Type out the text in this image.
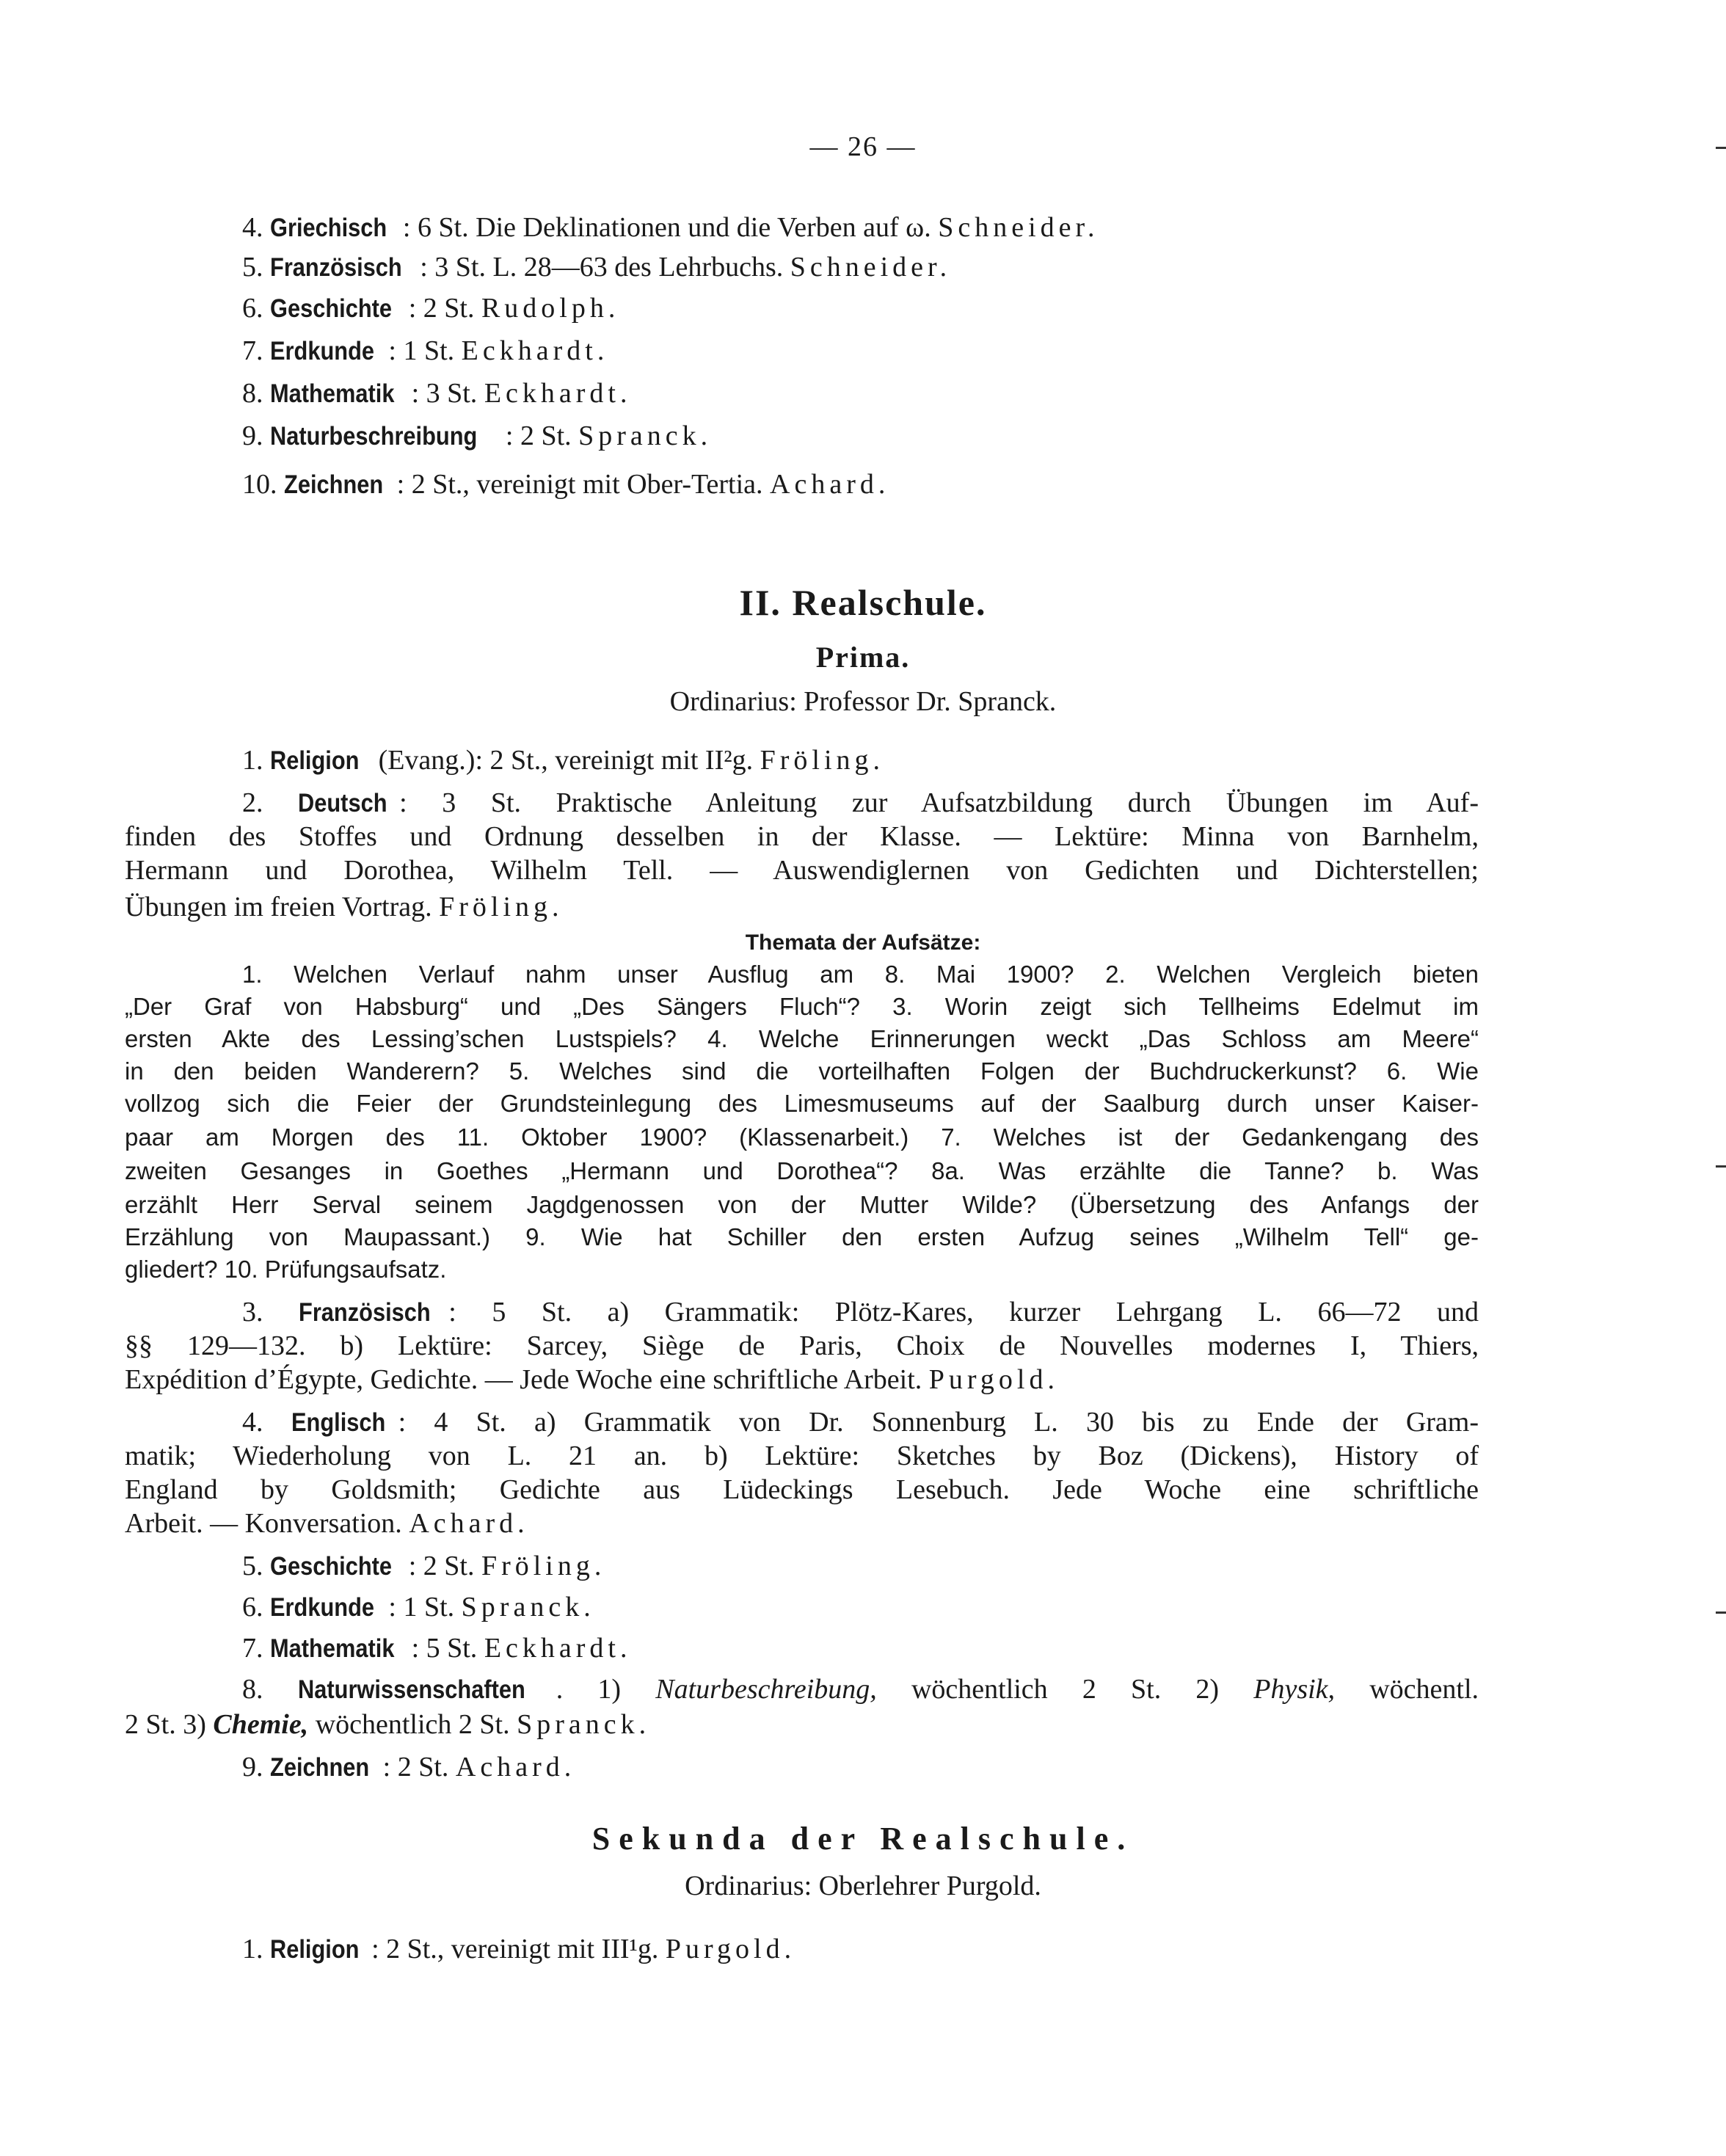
— 26 —
4. Griechisch : 6 St. Die Deklinationen und die Verben auf ω. Schneider.
5. Französisch : 3 St. L. 28—63 des Lehrbuchs. Schneider.
6. Geschichte : 2 St. Rudolph.
7. Erdkunde : 1 St. Eckhardt.
8. Mathematik : 3 St. Eckhardt.
9. Naturbeschreibung : 2 St. Spranck.
10. Zeichnen : 2 St., vereinigt mit Ober-Tertia. Achard.
II. Realschule.
Prima.
Ordinarius: Professor Dr. Spranck.
1. Religion (Evang.): 2 St., vereinigt mit II²g. Fröling.
2. Deutsch : 3 St. Praktische Anleitung zur Aufsatzbildung durch Übungen im Auf-
finden des Stoffes und Ordnung desselben in der Klasse. — Lektüre: Minna von Barnhelm,
Hermann und Dorothea, Wilhelm Tell. — Auswendiglernen von Gedichten und Dichterstellen;
Übungen im freien Vortrag. Fröling.
Themata der Aufsätze:
1. Welchen Verlauf nahm unser Ausflug am 8. Mai 1900? 2. Welchen Vergleich bieten
„Der Graf von Habsburg“ und „Des Sängers Fluch“? 3. Worin zeigt sich Tellheims Edelmut im
ersten Akte des Lessing’schen Lustspiels? 4. Welche Erinnerungen weckt „Das Schloss am Meere“
in den beiden Wanderern? 5. Welches sind die vorteilhaften Folgen der Buchdruckerkunst? 6. Wie
vollzog sich die Feier der Grundsteinlegung des Limesmuseums auf der Saalburg durch unser Kaiser-
paar am Morgen des 11. Oktober 1900? (Klassenarbeit.) 7. Welches ist der Gedankengang des
zweiten Gesanges in Goethes „Hermann und Dorothea“? 8a. Was erzählte die Tanne? b. Was
erzählt Herr Serval seinem Jagdgenossen von der Mutter Wilde? (Übersetzung des Anfangs der
Erzählung von Maupassant.) 9. Wie hat Schiller den ersten Aufzug seines „Wilhelm Tell“ ge-
gliedert? 10. Prüfungsaufsatz.
3. Französisch : 5 St. a) Grammatik: Plötz-Kares, kurzer Lehrgang L. 66—72 und
§§ 129—132. b) Lektüre: Sarcey, Siège de Paris, Choix de Nouvelles modernes I, Thiers,
Expédition d’Égypte, Gedichte. — Jede Woche eine schriftliche Arbeit. Purgold.
4. Englisch : 4 St. a) Grammatik von Dr. Sonnenburg L. 30 bis zu Ende der Gram-
matik; Wiederholung von L. 21 an. b) Lektüre: Sketches by Boz (Dickens), History of
England by Goldsmith; Gedichte aus Lüdeckings Lesebuch. Jede Woche eine schriftliche
Arbeit. — Konversation. Achard.
5. Geschichte : 2 St. Fröling.
6. Erdkunde : 1 St. Spranck.
7. Mathematik : 5 St. Eckhardt.
8. Naturwissenschaften . 1) Naturbeschreibung, wöchentlich 2 St. 2) Physik, wöchentl.
2 St. 3) Chemie, wöchentlich 2 St. Spranck.
9. Zeichnen : 2 St. Achard.
Sekunda der Realschule.
Ordinarius: Oberlehrer Purgold.
1. Religion : 2 St., vereinigt mit III¹g. Purgold.
